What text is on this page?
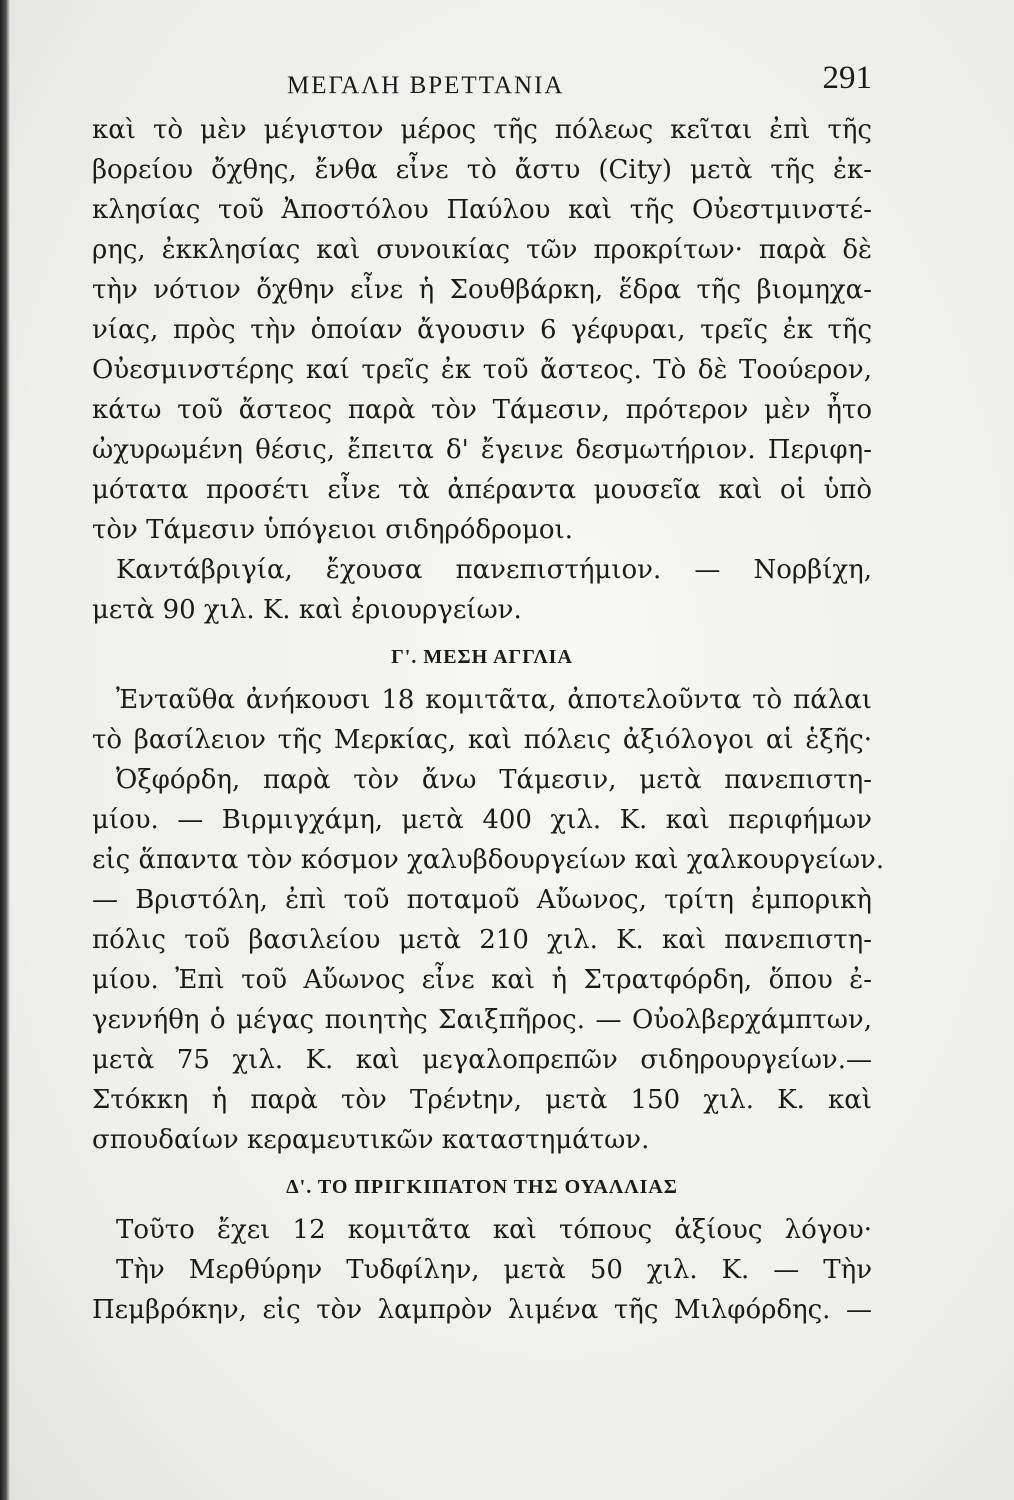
ΜΕΓΑΛΗ ΒΡΕΤΤΑΝΙΑ	291
καὶ τὸ μὲν μέγιστον μέρος τῆς πόλεως κεῖται ἐπὶ τῆς
βορείου ὄχθης, ἔνθα εἶνε τὸ ἄστυ (City) μετὰ τῆς ἐκ-
κλησίας τοῦ Ἀποστόλου Παύλου καὶ τῆς Οὐεστμινστέ-
ρης, ἐκκλησίας καὶ συνοικίας τῶν προκρίτων· παρὰ δὲ
τὴν νότιον ὄχθην εἶνε ἡ Σουθβάρκη, ἕδρα τῆς βιομηχα-
νίας, πρὸς τὴν ὁποίαν ἄγουσιν 6 γέφυραι, τρεῖς ἐκ τῆς
Οὐεσμινστέρης καί τρεῖς ἐκ τοῦ ἄστεος. Τὸ δὲ Τοούερον,
κάτω τοῦ ἄστεος παρὰ τὸν Τάμεσιν, πρότερον μὲν ἦτο
ὠχυρωμένη θέσις, ἔπειτα δ' ἔγεινε δεσμωτήριον. Περιφη-
μότατα προσέτι εἶνε τὰ ἀπέραντα μουσεῖα καὶ οἱ ὑπὸ
τὸν Τάμεσιν ὑπόγειοι σιδηρόδρομοι.
Καντάβριγία, ἔχουσα πανεπιστήμιον. — Νορβίχη,
μετὰ 90 χιλ. Κ. καὶ ἐριουργείων.
Γ'. ΜΕΣΗ ΑΓΓΛΙΑ
Ἐνταῦθα ἀνήκουσι 18 κομιτᾶτα, ἀποτελοῦντα τὸ πάλαι
τὸ βασίλειον τῆς Μερκίας, καὶ πόλεις ἀξιόλογοι αἱ ἑξῆς·
Ὀξφόρδη, παρὰ τὸν ἄνω Τάμεσιν, μετὰ πανεπιστη-
μίου. — Βιρμιγχάμη, μετὰ 400 χιλ. Κ. καὶ περιφήμων
εἰς ἅπαντα τὸν κόσμον χαλυβδουργείων καὶ χαλκουργείων.
— Βριστόλη, ἐπὶ τοῦ ποταμοῦ Αὔωνος, τρίτη ἐμπορικὴ
πόλις τοῦ βασιλείου μετὰ 210 χιλ. Κ. καὶ πανεπιστη-
μίου. Ἐπὶ τοῦ Αὔωνος εἶνε καὶ ἡ Στρατφόρδη, ὅπου ἐ-
γεννήθη ὁ μέγας ποιητὴς Σαιξπῆρος. — Οὐολβερχάμπτων,
μετὰ 75 χιλ. Κ. καὶ μεγαλοπρεπῶν σιδηρουργείων.—
Στόκκη ἡ παρὰ τὸν Τρένtην, μετὰ 150 χιλ. Κ. καὶ
σπουδαίων κεραμευτικῶν καταστημάτων.
Δ'. ΤΟ ΠΡΙΓΚΙΠΑΤΟΝ ΤΗΣ ΟΥΑΛΛΙΑΣ
Τοῦτο ἔχει 12 κομιτᾶτα καὶ τόπους ἀξίους λόγου·
Τὴν Μερθύρην Τυδφίλην, μετὰ 50 χιλ. Κ. — Τὴν
Πεμβρόκην, εἰς τὸν λαμπρὸν λιμένα τῆς Μιλφόρδης. —
